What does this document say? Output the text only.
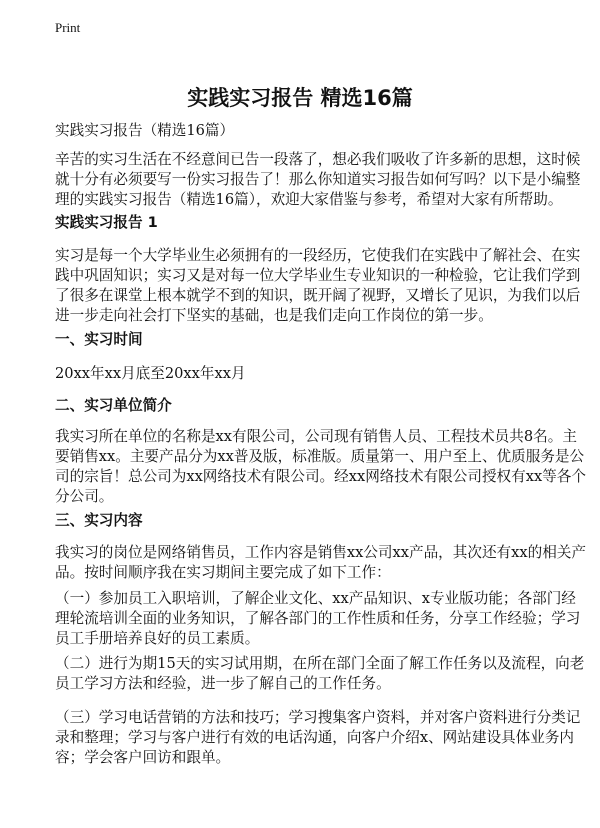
Print
实践实习报告 精选16篇
实践实习报告（精选16篇）
辛苦的实习生活在不经意间已告一段落了，想必我们吸收了许多新的思想，这时候
就十分有必须要写一份实习报告了！那么你知道实习报告如何写吗？以下是小编整
理的实践实习报告（精选16篇），欢迎大家借鉴与参考，希望对大家有所帮助。
实践实习报告 1
实习是每一个大学毕业生必须拥有的一段经历，它使我们在实践中了解社会、在实
践中巩固知识；实习又是对每一位大学毕业生专业知识的一种检验，它让我们学到
了很多在课堂上根本就学不到的知识，既开阔了视野，又增长了见识，为我们以后
进一步走向社会打下坚实的基础，也是我们走向工作岗位的第一步。
一、实习时间
20xx年xx月底至20xx年xx月
二、实习单位简介
我实习所在单位的名称是xx有限公司，公司现有销售人员、工程技术员共8名。主
要销售xx。主要产品分为xx普及版，标准版。质量第一、用户至上、优质服务是公
司的宗旨！总公司为xx网络技术有限公司。经xx网络技术有限公司授权有xx等各个
分公司。
三、实习内容
我实习的岗位是网络销售员，工作内容是销售xx公司xx产品，其次还有xx的相关产
品。按时间顺序我在实习期间主要完成了如下工作：
（一）参加员工入职培训，了解企业文化、xx产品知识、x专业版功能；各部门经
理轮流培训全面的业务知识，了解各部门的工作性质和任务，分享工作经验；学习
员工手册培养良好的员工素质。
（二）进行为期15天的实习试用期，在所在部门全面了解工作任务以及流程，向老
员工学习方法和经验，进一步了解自己的工作任务。
（三）学习电话营销的方法和技巧；学习搜集客户资料，并对客户资料进行分类记
录和整理；学习与客户进行有效的电话沟通，向客户介绍x、网站建设具体业务内
容；学会客户回访和跟单。
